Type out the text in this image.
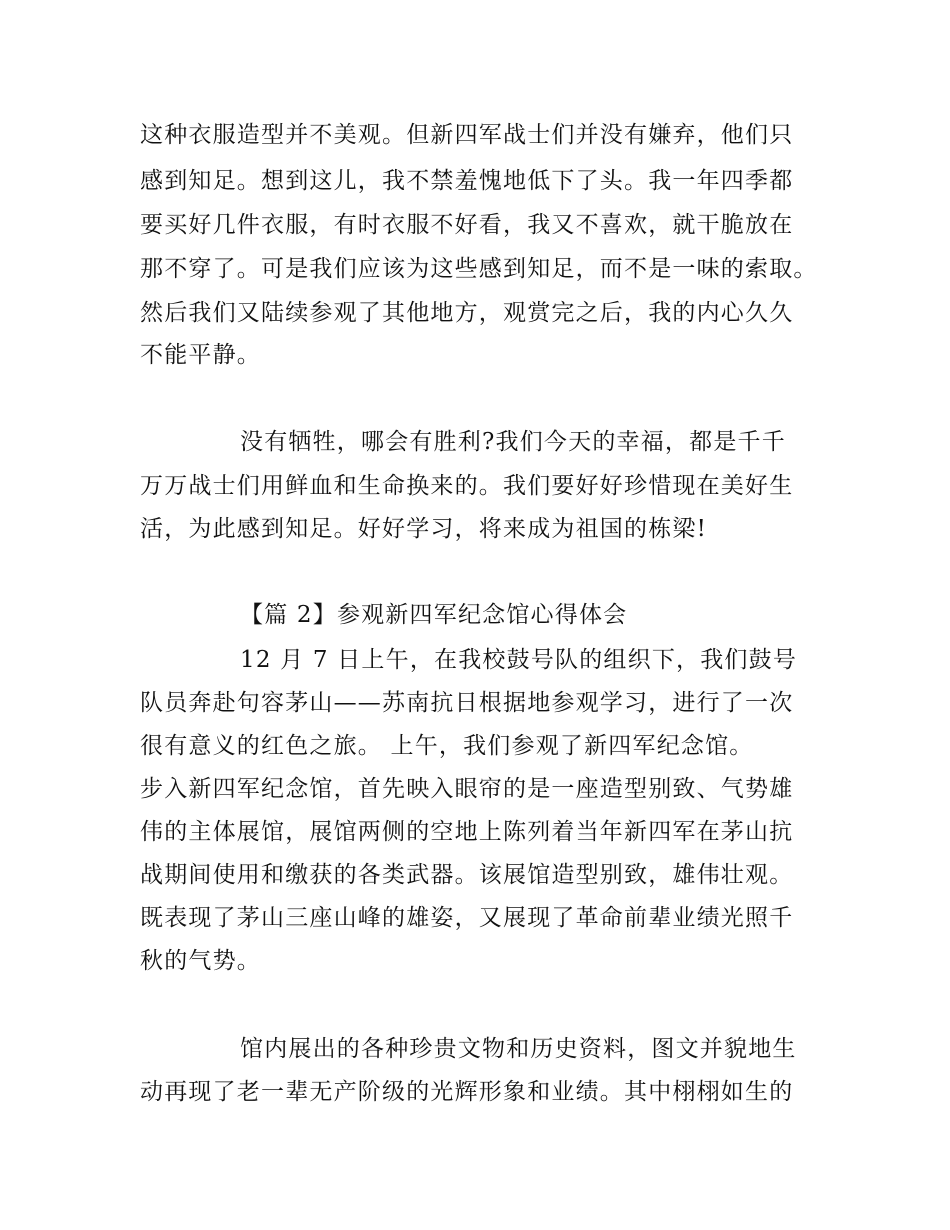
这种衣服造型并不美观。但新四军战士们并没有嫌弃，他们只
感到知足。想到这儿，我不禁羞愧地低下了头。我一年四季都
要买好几件衣服，有时衣服不好看，我又不喜欢，就干脆放在
那不穿了。可是我们应该为这些感到知足，而不是一味的索取。
然后我们又陆续参观了其他地方，观赏完之后，我的内心久久
不能平静。
没有牺牲，哪会有胜利?我们今天的幸福，都是千千
万万战士们用鲜血和生命换来的。我们要好好珍惜现在美好生
活，为此感到知足。好好学习，将来成为祖国的栋梁!
【篇 2】参观新四军纪念馆心得体会
12 月 7 日上午，在我校鼓号队的组织下，我们鼓号
队员奔赴句容茅山——苏南抗日根据地参观学习，进行了一次
很有意义的红色之旅。 上午，我们参观了新四军纪念馆。
步入新四军纪念馆，首先映入眼帘的是一座造型别致、气势雄
伟的主体展馆，展馆两侧的空地上陈列着当年新四军在茅山抗
战期间使用和缴获的各类武器。该展馆造型别致，雄伟壮观。
既表现了茅山三座山峰的雄姿，又展现了革命前辈业绩光照千
秋的气势。
馆内展出的各种珍贵文物和历史资料，图文并貌地生
动再现了老一辈无产阶级的光辉形象和业绩。其中栩栩如生的
